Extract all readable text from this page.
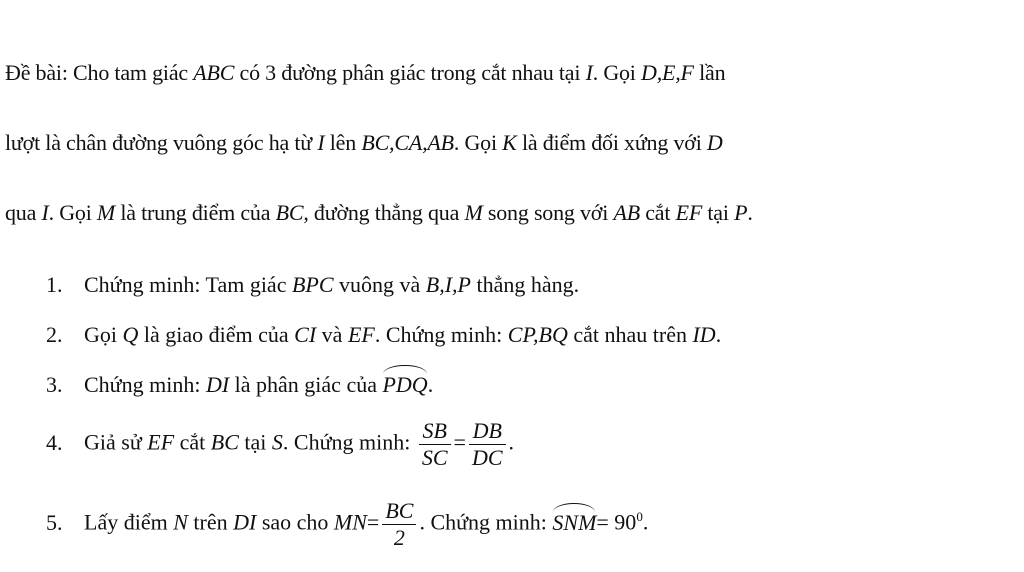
Đề bài: Cho tam giác ABC có 3 đường phân giác trong cắt nhau tại I. Gọi D,E,F lần
lượt là chân đường vuông góc hạ từ I lên BC,CA,AB. Gọi K là điểm đối xứng với D
qua I. Gọi M là trung điểm của BC, đường thẳng qua M song song với AB cắt EF tại P.
1. Chứng minh: Tam giác BPC vuông và B,I,P thẳng hàng.
2. Gọi Q là giao điểm của CI và EF. Chứng minh: CP,BQ cắt nhau trên ID.
3. Chứng minh: DI là phân giác của PDQ.
4. Giả sử EF cắt BC tại S. Chứng minh: $\frac{SB}{SC} = \frac{DB}{DC}$ .
5. Lấy điểm N trên DI sao cho $MN= \frac{BC}{2}$ . Chứng minh: $SNM= 90^0$.
